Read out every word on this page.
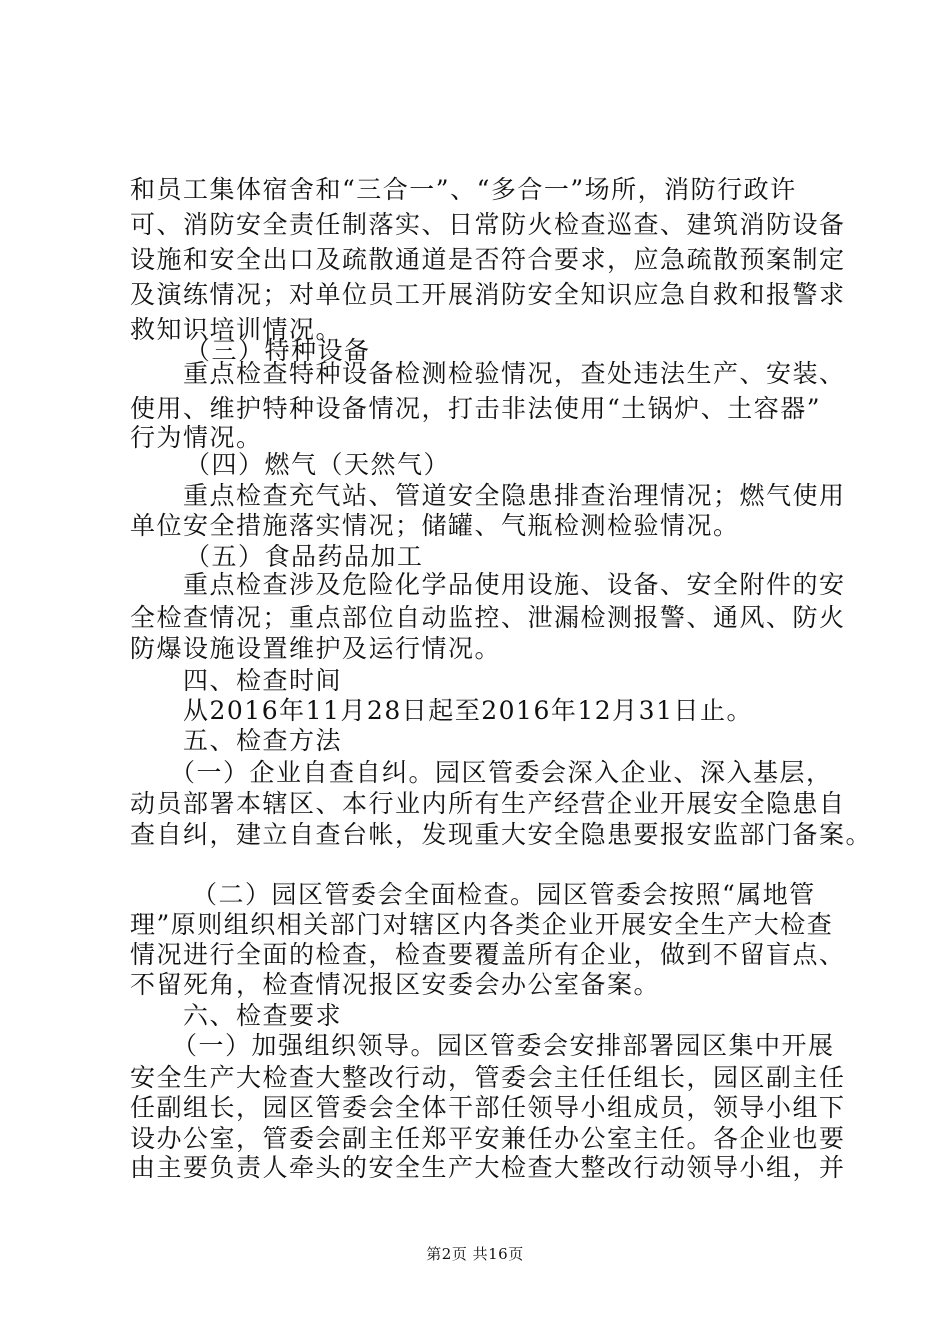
和员工集体宿舍和“三合一”、“多合一”场所，消防行政许
可、消防安全责任制落实、日常防火检查巡查、建筑消防设备
设施和安全出口及疏散通道是否符合要求，应急疏散预案制定
及演练情况；对单位员工开展消防安全知识应急自救和报警求
救知识培训情况。
（三）特种设备
重点检查特种设备检测检验情况，查处违法生产、安装、
使用、维护特种设备情况，打击非法使用“土锅炉、土容器”
行为情况。
（四）燃气（天然气）
重点检查充气站、管道安全隐患排查治理情况；燃气使用
单位安全措施落实情况；储罐、气瓶检测检验情况。
（五）食品药品加工
重点检查涉及危险化学品使用设施、设备、安全附件的安
全检查情况；重点部位自动监控、泄漏检测报警、通风、防火
防爆设施设置维护及运行情况。
四、检查时间
从2016年11月28日起至2016年12月31日止。
五、检查方法
（一）企业自查自纠。园区管委会深入企业、深入基层，
动员部署本辖区、本行业内所有生产经营企业开展安全隐患自
查自纠，建立自查台帐，发现重大安全隐患要报安监部门备案。
（二）园区管委会全面检查。园区管委会按照“属地管
理”原则组织相关部门对辖区内各类企业开展安全生产大检查
情况进行全面的检查，检查要覆盖所有企业，做到不留盲点、
不留死角，检查情况报区安委会办公室备案。
六、检查要求
（一）加强组织领导。园区管委会安排部署园区集中开展
安全生产大检查大整改行动，管委会主任任组长，园区副主任
任副组长，园区管委会全体干部任领导小组成员，领导小组下
设办公室，管委会副主任郑平安兼任办公室主任。各企业也要
由主要负责人牵头的安全生产大检查大整改行动领导小组，并
第2页 共16页
